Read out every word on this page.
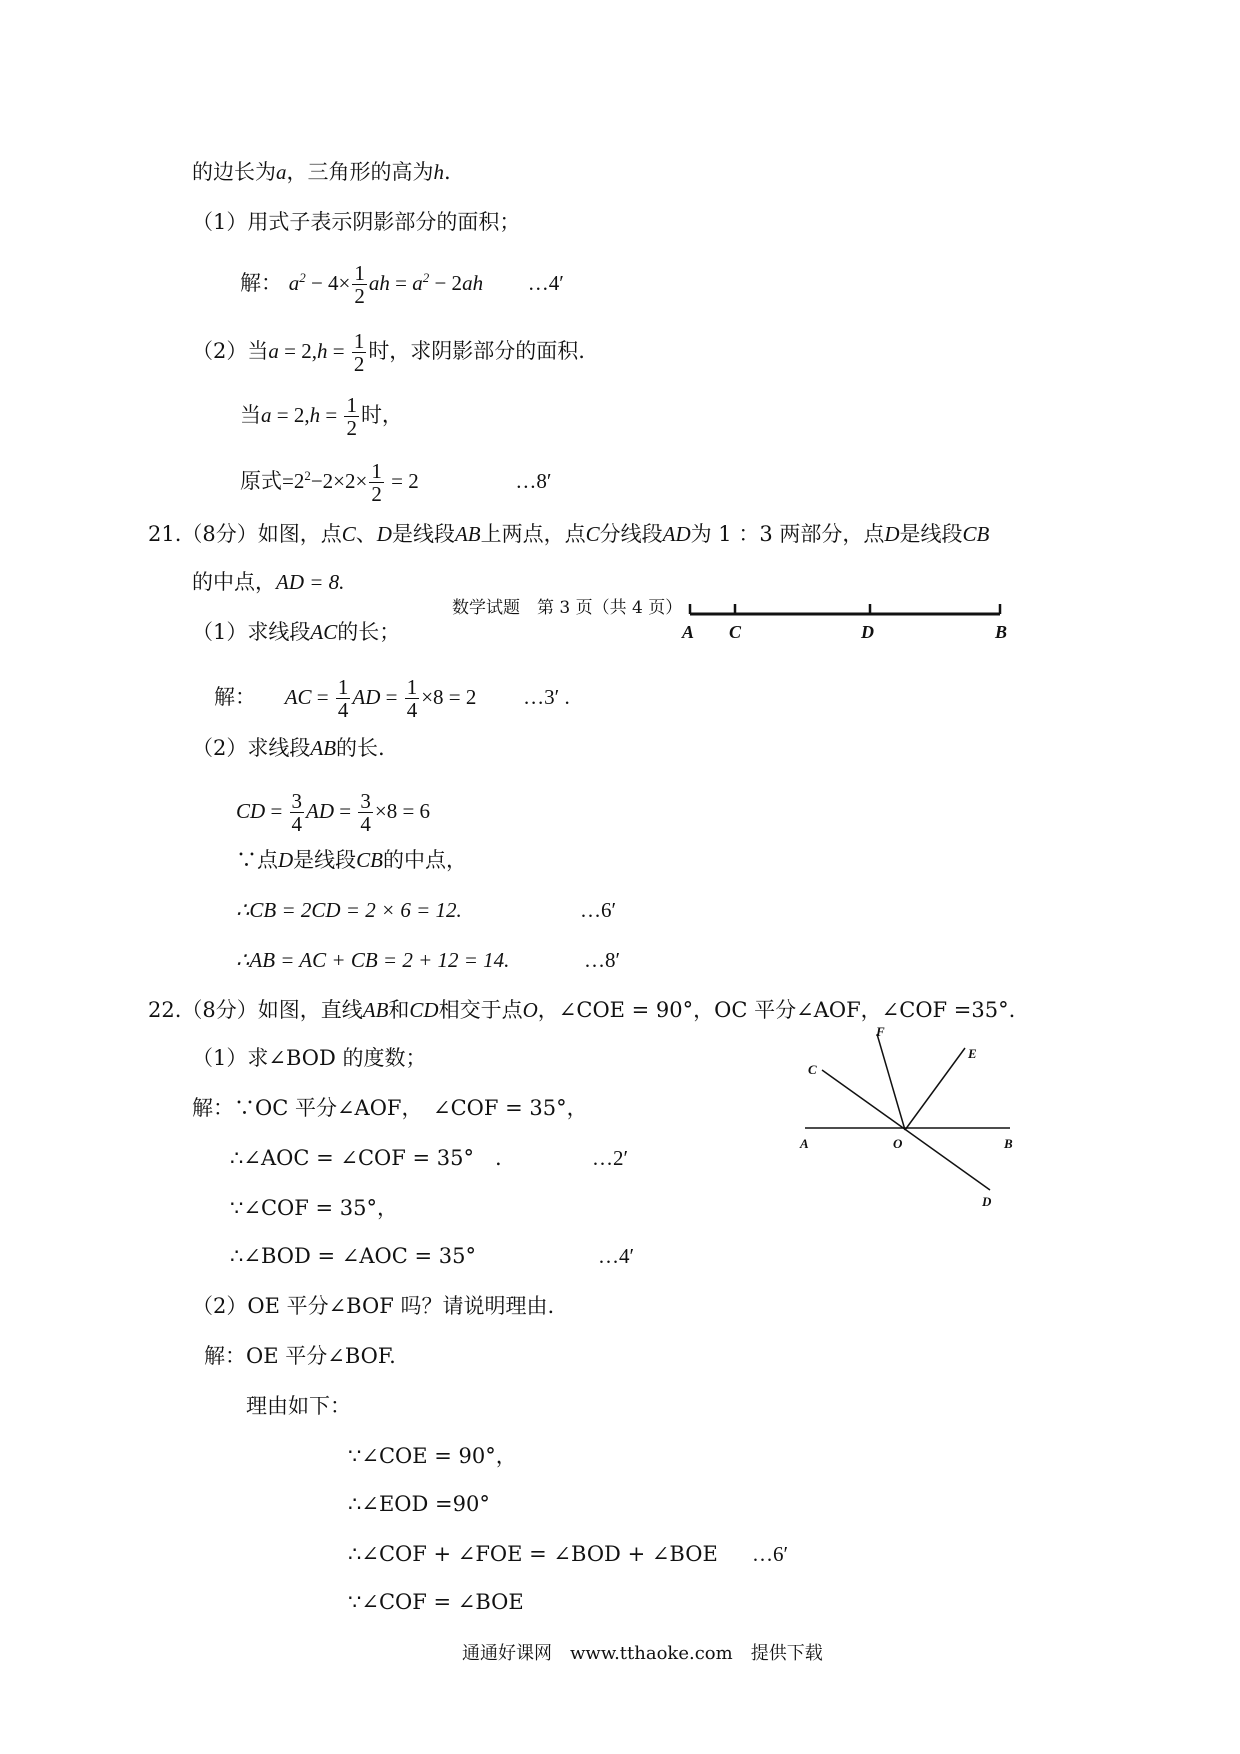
的边长为a，三角形的高为h.
（1）用式子表示阴影部分的面积；
解： $a^2 - 4\times \frac{1}{2}$ ah = $a^2 - 2ah$ …4′
（2）当$a = 2,h = \frac{1}{2}$ 时，求阴影部分的面积.
当$a = 2,h = \frac{1}{2}$ 时，
原式$=2^2-2\times 2\times \frac{1}{2} = 2$	…8′
21.（8分）如图，点C、D是线段AB上两点，点C分线段AD为 1 ：3 两部分，点D是线段CB
的中点，AD = 8.
数学试题　第 3 页（共 4 页）
A C	D	B
（1）求线段AC的长；
解： AC = $\frac{1}{4}$ AD = $\frac{1}{4} \times 8 = 2$ …3′ .
（2）求线段AB的长.
CD = $\frac{3}{4}$ AD = $\frac{3}{4} \times 8 = 6$
∵点D是线段CB的中点，
∴CB = 2CD = 2 × 6 = 12.	…6′
∴AB = AC + CB = 2 + 12 = 14.	…8′
22.（8分）如图，直线AB和CD相交于点O，∠COE = 90°，OC 平分∠AOF，∠COF =35°.
（1）求∠BOD 的度数；
解：∵OC 平分∠AOF，　∠COF = 35°，
∴∠AOC = ∠COF = 35°　.	…2′
∵∠COF = 35°，
∴∠BOD = ∠AOC = 35°	…4′
C
F
E
A	O	B
D
（2）OE 平分∠BOF 吗？请说明理由.
解：OE 平分∠BOF.
理由如下：
∵∠COE = 90°，
∴∠EOD =90°
∴∠COF + ∠FOE = ∠BOD + ∠BOE …6′
∵∠COF = ∠BOE
通通好课网　www.tthaoke.com　提供下载
